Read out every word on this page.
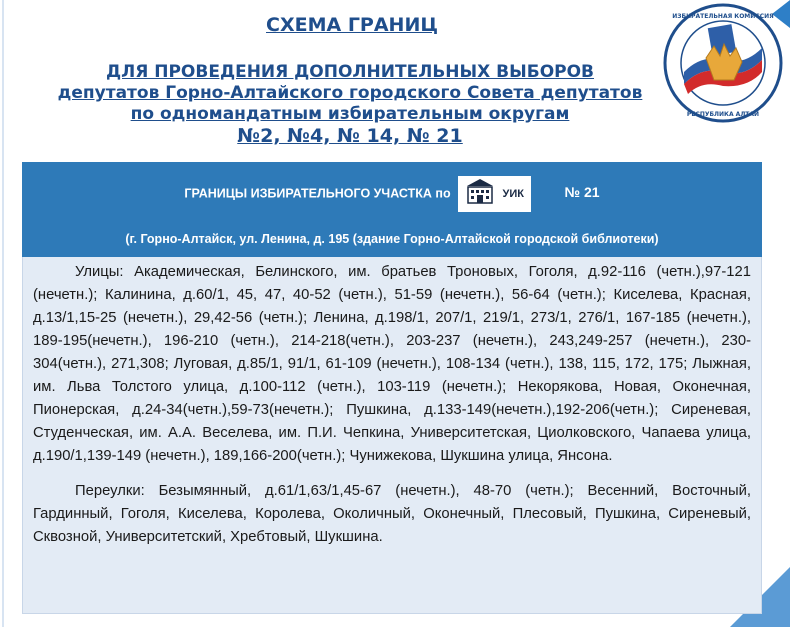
СХЕМА ГРАНИЦ
ДЛЯ ПРОВЕДЕНИЯ ДОПОЛНИТЕЛЬНЫХ ВЫБОРОВ
депутатов Горно-Алтайского городского Совета депутатов
по одномандатным избирательным округам
№2, №4, № 14, № 21
ИЗБИРАТЕЛЬНАЯ КОМИССИЯ
РЕСПУБЛИКА АЛТАЙ
ГРАНИЦЫ ИЗБИРАТЕЛЬНОГО УЧАСТКА по	УИК	№ 21
(г. Горно-Алтайск, ул. Ленина, д. 195 (здание Горно-Алтайской городской библиотеки)

Улицы: Академическая, Белинского, им. братьев Троновых, Гоголя, д.92-116 (четн.),97-121 (нечетн.); Калинина, д.60/1, 45, 47, 40-52 (четн.), 51-59 (нечетн.), 56-64 (четн.); Киселева, Красная, д.13/1,15-25 (нечетн.), 29,42-56 (четн.); Ленина, д.198/1, 207/1, 219/1, 273/1, 276/1, 167-185 (нечетн.), 189-195(нечетн.), 196-210 (четн.), 214-218(четн.), 203-237 (нечетн.), 243,249-257 (нечетн.), 230-304(четн.), 271,308; Луговая, д.85/1, 91/1, 61-109 (нечетн.), 108-134 (четн.), 138, 115, 172, 175; Лыжная, им. Льва Толстого улица, д.100-112 (четн.), 103-119 (нечетн.); Некорякова, Новая, Оконечная, Пионерская, д.24-34(четн.),59-73(нечетн.); Пушкина, д.133-149(нечетн.),192-206(четн.); Сиреневая, Студенческая, им. А.А. Веселева, им. П.И. Чепкина, Университетская, Циолковского, Чапаева улица, д.190/1,139-149 (нечетн.), 189,166-200(четн.); Чунижекова, Шукшина улица, Янсона.

Переулки: Безымянный, д.61/1,63/1,45-67 (нечетн.), 48-70 (четн.); Весенний, Восточный, Гардинный, Гоголя, Киселева, Королева, Околичный, Оконечный, Плесовый, Пушкина, Сиреневый, Сквозной, Университетский, Хребтовый, Шукшина.
